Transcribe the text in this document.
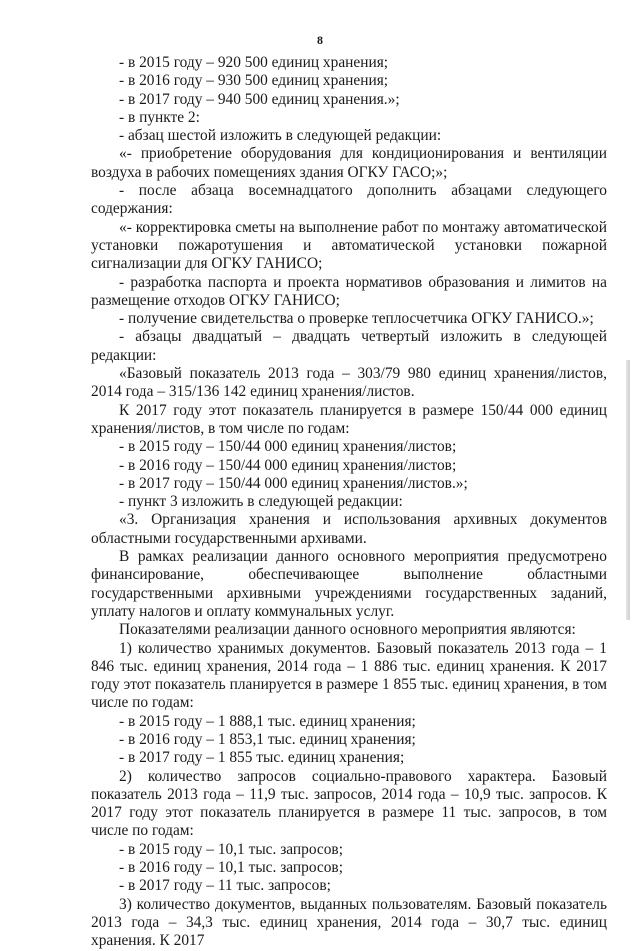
8

- в 2015 году – 920 500 единиц хранения;

- в 2016 году – 930 500 единиц хранения;

- в 2017 году – 940 500 единиц хранения.»;

- в пункте 2:

- абзац шестой изложить в следующей редакции:

«- приобретение оборудования для кондиционирования и вентиляции воздуха в рабочих помещениях здания ОГКУ ГАСО;»;

- после абзаца восемнадцатого дополнить абзацами следующего содержания:

«- корректировка сметы на выполнение работ по монтажу автоматической установки пожаротушения и автоматической установки пожарной сигнализации для ОГКУ ГАНИСО;

- разработка паспорта и проекта нормативов образования и лимитов на размещение отходов ОГКУ ГАНИСО;

- получение свидетельства о проверке теплосчетчика ОГКУ ГАНИСО.»;

- абзацы двадцатый – двадцать четвертый изложить в следующей редакции:

«Базовый показатель 2013 года – 303/79 980 единиц хранения/листов, 2014 года – 315/136 142 единиц хранения/листов.

К 2017 году этот показатель планируется в размере 150/44 000 единиц хранения/листов, в том числе по годам:

- в 2015 году – 150/44 000 единиц хранения/листов;

- в 2016 году – 150/44 000 единиц хранения/листов;

- в 2017 году – 150/44 000 единиц хранения/листов.»;

- пункт 3 изложить в следующей редакции:

«3. Организация хранения и использования архивных документов областными государственными архивами.

В рамках реализации данного основного мероприятия предусмотрено финансирование, обеспечивающее выполнение областными государственными архивными учреждениями государственных заданий, уплату налогов и оплату коммунальных услуг.

Показателями реализации данного основного мероприятия являются:

1) количество хранимых документов. Базовый показатель 2013 года – 1 846 тыс. единиц хранения, 2014 года – 1 886 тыс. единиц хранения. К 2017 году этот показатель планируется в размере 1 855 тыс. единиц хранения, в том числе по годам:

- в 2015 году – 1 888,1 тыс. единиц хранения;

- в 2016 году – 1 853,1 тыс. единиц хранения;

- в 2017 году – 1 855 тыс. единиц хранения;

2) количество запросов социально-правового характера. Базовый показатель 2013 года – 11,9 тыс. запросов, 2014 года – 10,9 тыс. запросов. К 2017 году этот показатель планируется в размере 11 тыс. запросов, в том числе по годам:

- в 2015 году – 10,1 тыс. запросов;

- в 2016 году – 10,1 тыс. запросов;

- в 2017 году – 11 тыс. запросов;

3) количество документов, выданных пользователям. Базовый показатель 2013 года – 34,3 тыс. единиц хранения, 2014 года – 30,7 тыс. единиц хранения. К 2017
